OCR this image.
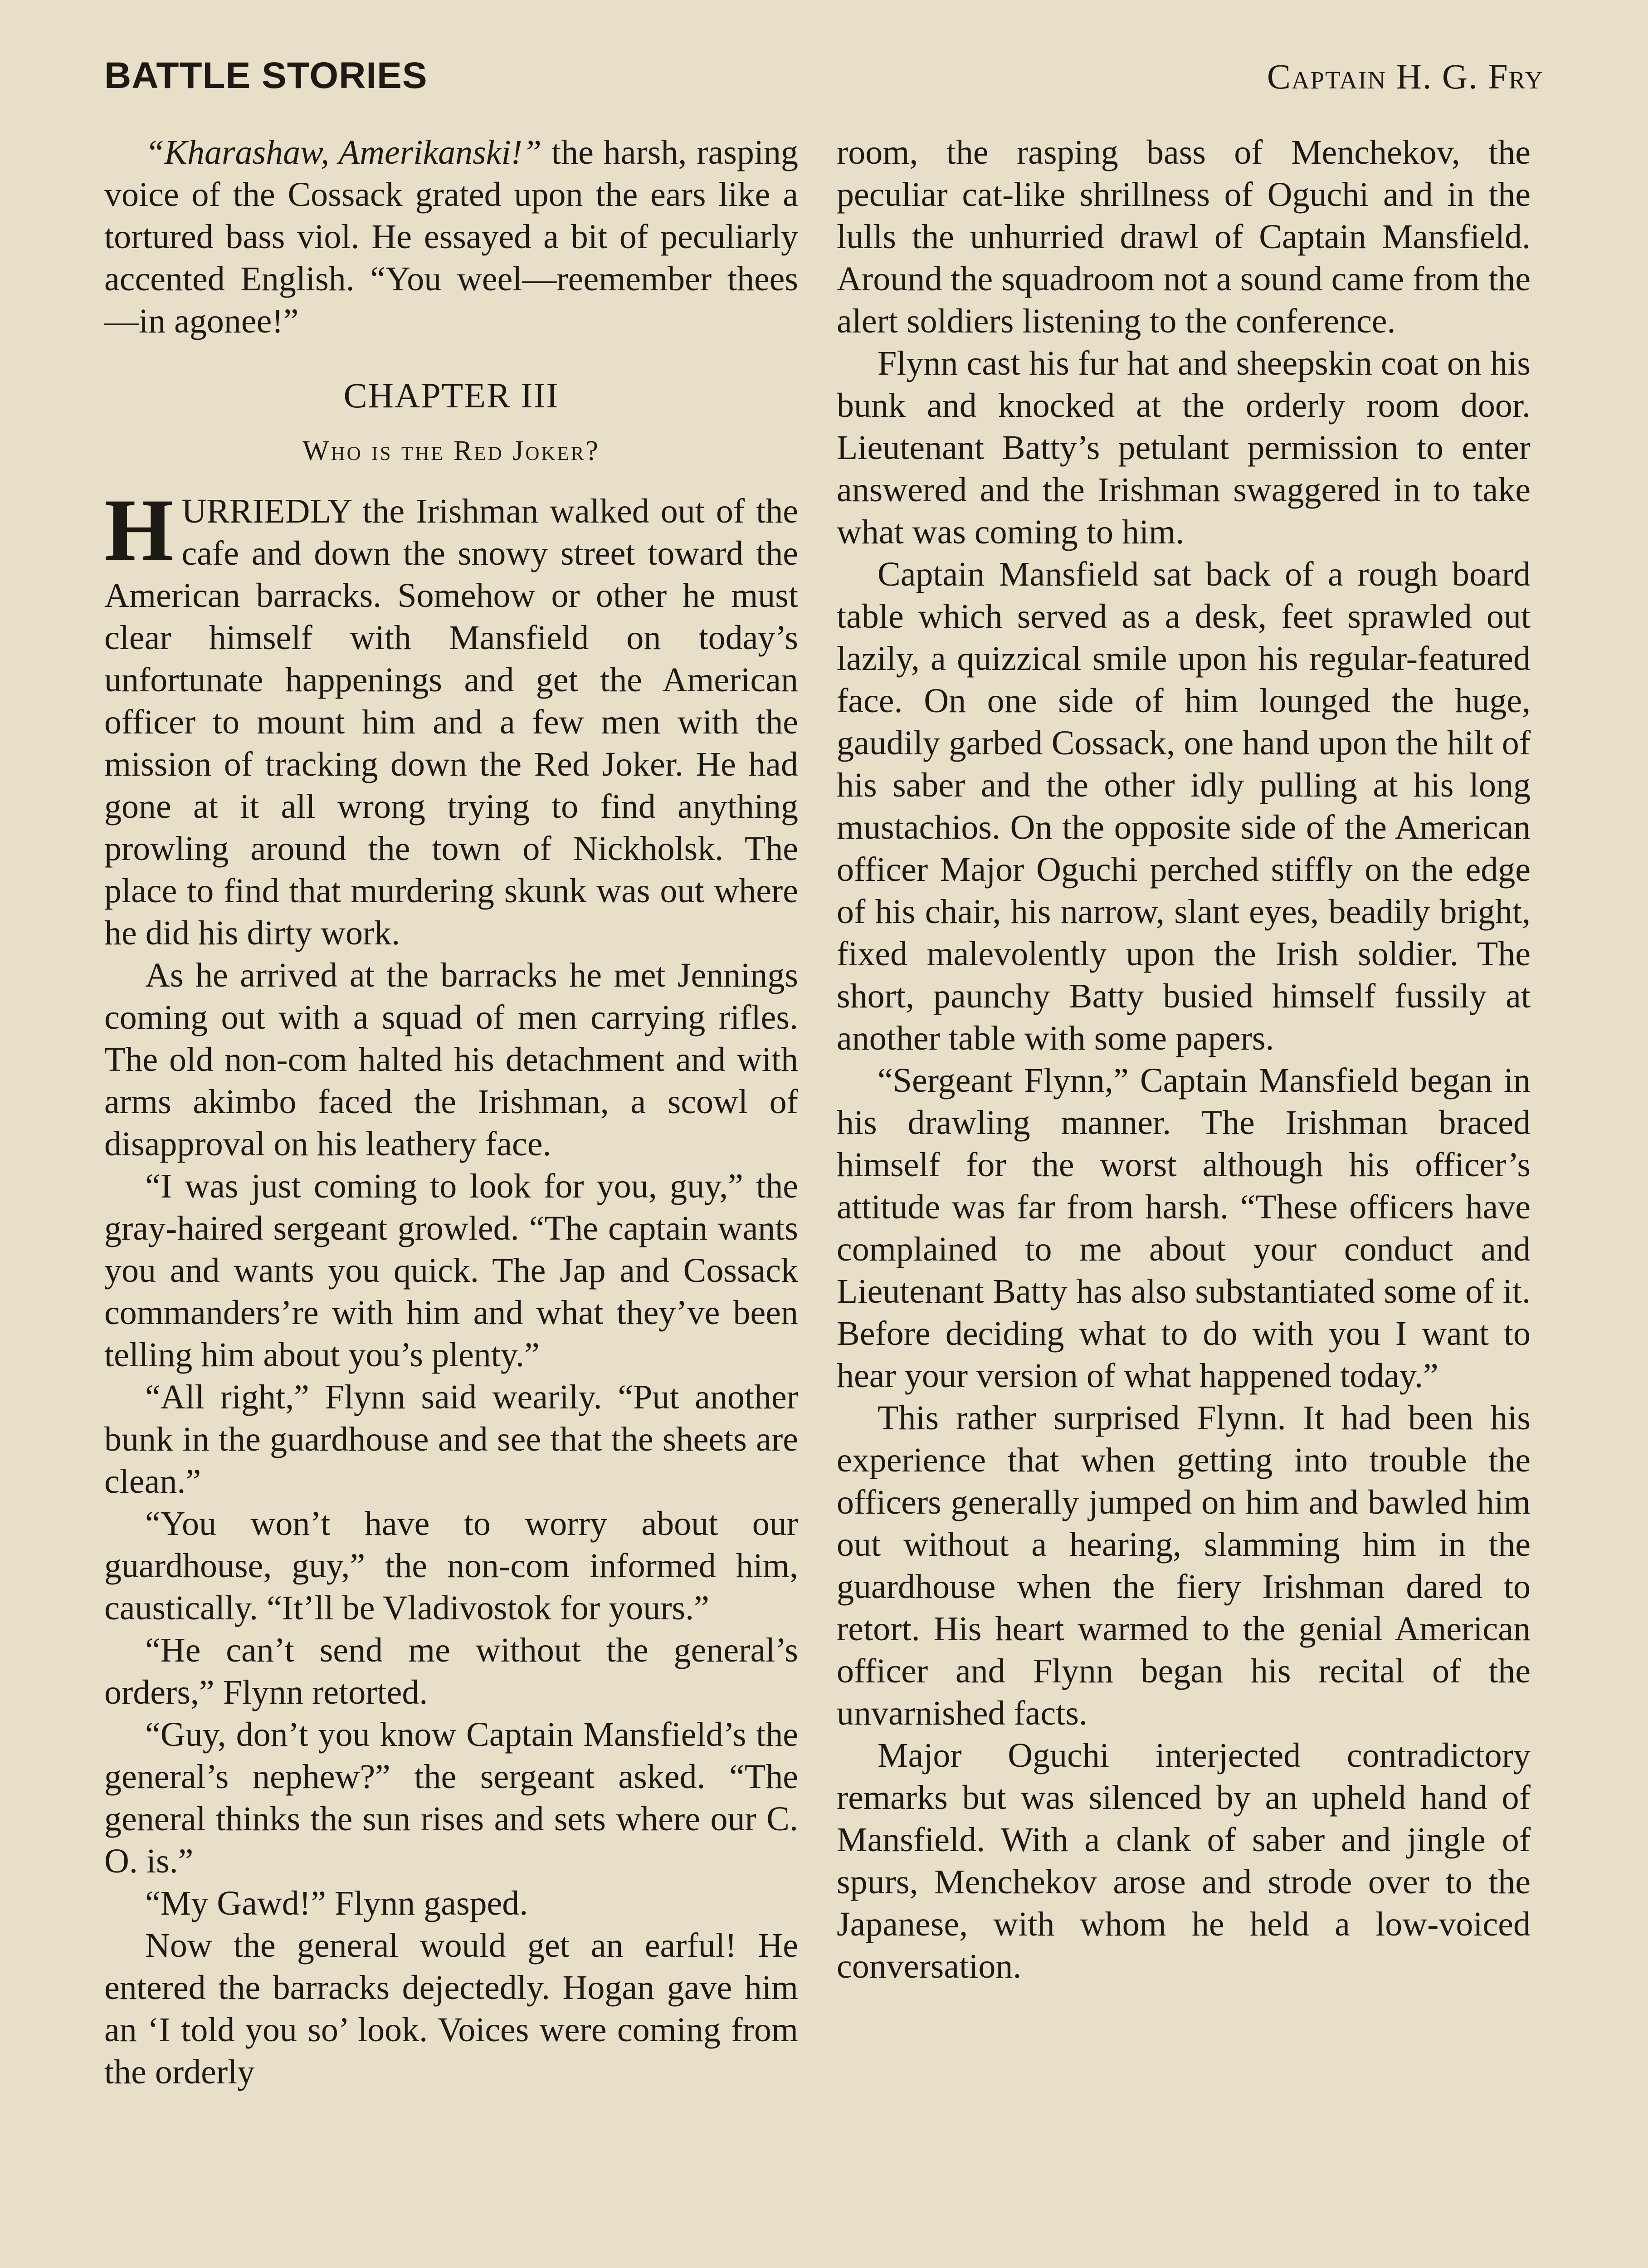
BATTLE STORIES	Captain H. G. Fry

“Kharashaw, Amerikanski!” the harsh, rasping voice of the Cossack grated upon the ears like a tortured bass viol. He essayed a bit of peculiarly accented English. “You weel—reemember thees—in agonee!”

CHAPTER III
Who is the Red Joker?

HURRIEDLY the Irishman walked out of the cafe and down the snowy street toward the American barracks. Somehow or other he must clear himself with Mansfield on today’s unfortunate happenings and get the American officer to mount him and a few men with the mission of tracking down the Red Joker. He had gone at it all wrong trying to find anything prowling around the town of Nickholsk. The place to find that murdering skunk was out where he did his dirty work.

As he arrived at the barracks he met Jennings coming out with a squad of men carrying rifles. The old non-com halted his detachment and with arms akimbo faced the Irishman, a scowl of disapproval on his leathery face.

“I was just coming to look for you, guy,” the gray-haired sergeant growled. “The captain wants you and wants you quick. The Jap and Cossack commanders’re with him and what they’ve been telling him about you’s plenty.”

“All right,” Flynn said wearily. “Put another bunk in the guardhouse and see that the sheets are clean.”

“You won’t have to worry about our guardhouse, guy,” the non-com informed him, caustically. “It’ll be Vladivostok for yours.”

“He can’t send me without the general’s orders,” Flynn retorted.

“Guy, don’t you know Captain Mansfield’s the general’s nephew?” the sergeant asked. “The general thinks the sun rises and sets where our C. O. is.”

“My Gawd!” Flynn gasped.

Now the general would get an earful! He entered the barracks dejectedly. Hogan gave him an ‘I told you so’ look. Voices were coming from the orderly

room, the rasping bass of Menchekov, the peculiar cat-like shrillness of Oguchi and in the lulls the unhurried drawl of Captain Mansfield. Around the squadroom not a sound came from the alert soldiers listening to the conference.

Flynn cast his fur hat and sheepskin coat on his bunk and knocked at the orderly room door. Lieutenant Batty’s petulant permission to enter answered and the Irishman swaggered in to take what was coming to him.

Captain Mansfield sat back of a rough board table which served as a desk, feet sprawled out lazily, a quizzical smile upon his regular-featured face. On one side of him lounged the huge, gaudily garbed Cossack, one hand upon the hilt of his saber and the other idly pulling at his long mustachios. On the opposite side of the American officer Major Oguchi perched stiffly on the edge of his chair, his narrow, slant eyes, beadily bright, fixed malevolently upon the Irish soldier. The short, paunchy Batty busied himself fussily at another table with some papers.

“Sergeant Flynn,” Captain Mansfield began in his drawling manner. The Irishman braced himself for the worst although his officer’s attitude was far from harsh. “These officers have complained to me about your conduct and Lieutenant Batty has also substantiated some of it. Before deciding what to do with you I want to hear your version of what happened today.”

This rather surprised Flynn. It had been his experience that when getting into trouble the officers generally jumped on him and bawled him out without a hearing, slamming him in the guardhouse when the fiery Irishman dared to retort. His heart warmed to the genial American officer and Flynn began his recital of the unvarnished facts.

Major Oguchi interjected contradictory remarks but was silenced by an upheld hand of Mansfield. With a clank of saber and jingle of spurs, Menchekov arose and strode over to the Japanese, with whom he held a low-voiced conversation.
